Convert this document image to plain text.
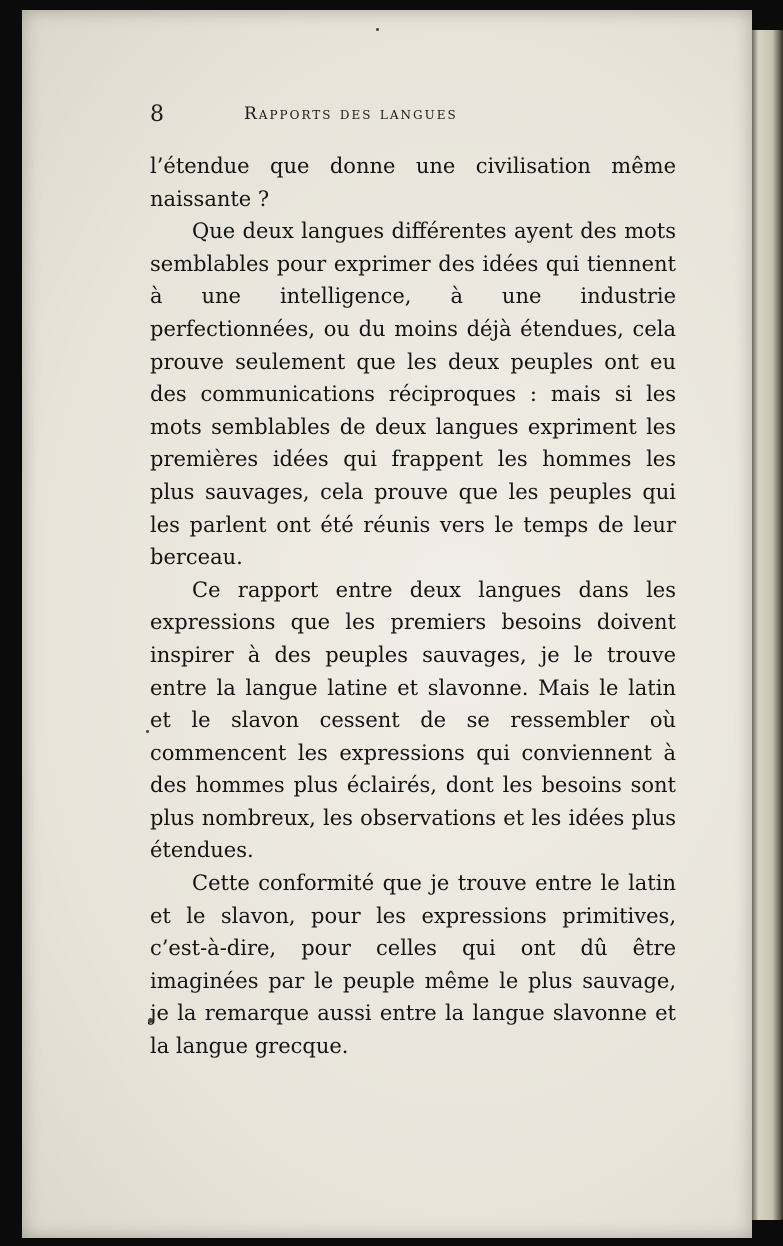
8	Rapports des langues

l’étendue que donne une civilisation même naissante ?

Que deux langues différentes ayent des mots semblables pour exprimer des idées qui tiennent à une intelligence, à une industrie perfectionnées, ou du moins déjà étendues, cela prouve seulement que les deux peuples ont eu des communications réciproques : mais si les mots semblables de deux langues expriment les premières idées qui frappent les hommes les plus sauvages, cela prouve que les peuples qui les parlent ont été réunis vers le temps de leur berceau.

Ce rapport entre deux langues dans les expressions que les premiers besoins doivent inspirer à des peuples sauvages, je le trouve entre la langue latine et slavonne. Mais le latin et le slavon cessent de se ressembler où commencent les expressions qui conviennent à des hommes plus éclairés, dont les besoins sont plus nombreux, les observations et les idées plus étendues.

Cette conformité que je trouve entre le latin et le slavon, pour les expressions primitives, c’est-à-dire, pour celles qui ont dû être imaginées par le peuple même le plus sauvage, je la remarque aussi entre la langue slavonne et la langue grecque.
